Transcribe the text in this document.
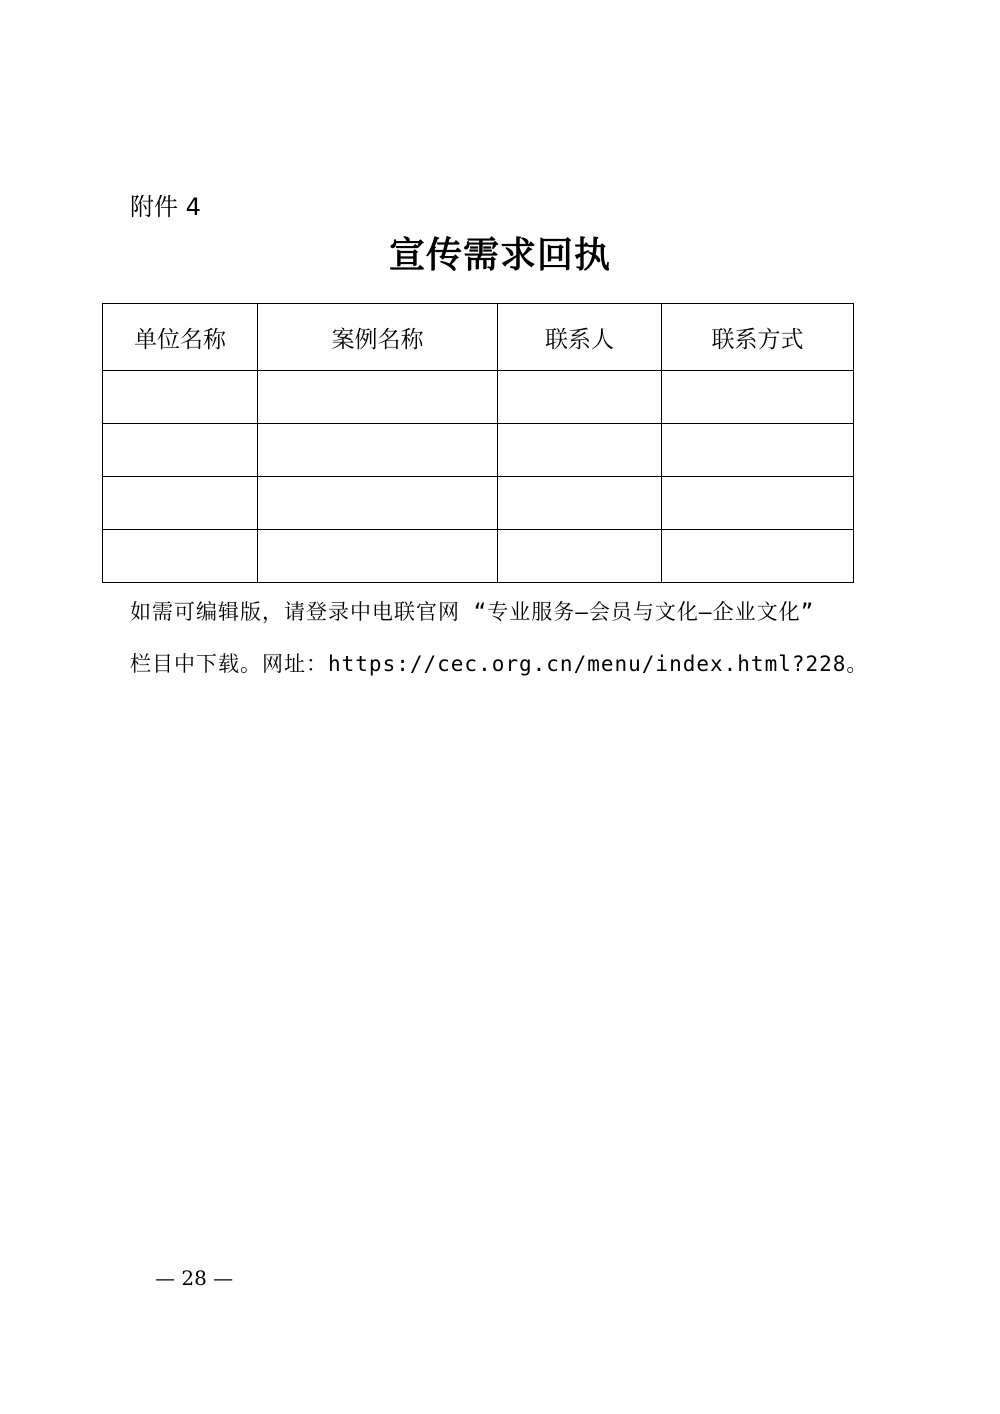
附件 4
宣传需求回执
单位名称	案例名称	联系人	联系方式

如需可编辑版，请登录中电联官网 “专业服务—会员与文化—企业文化”
栏目中下载。网址：https://cec.org.cn/menu/index.html?228。
— 28 —
